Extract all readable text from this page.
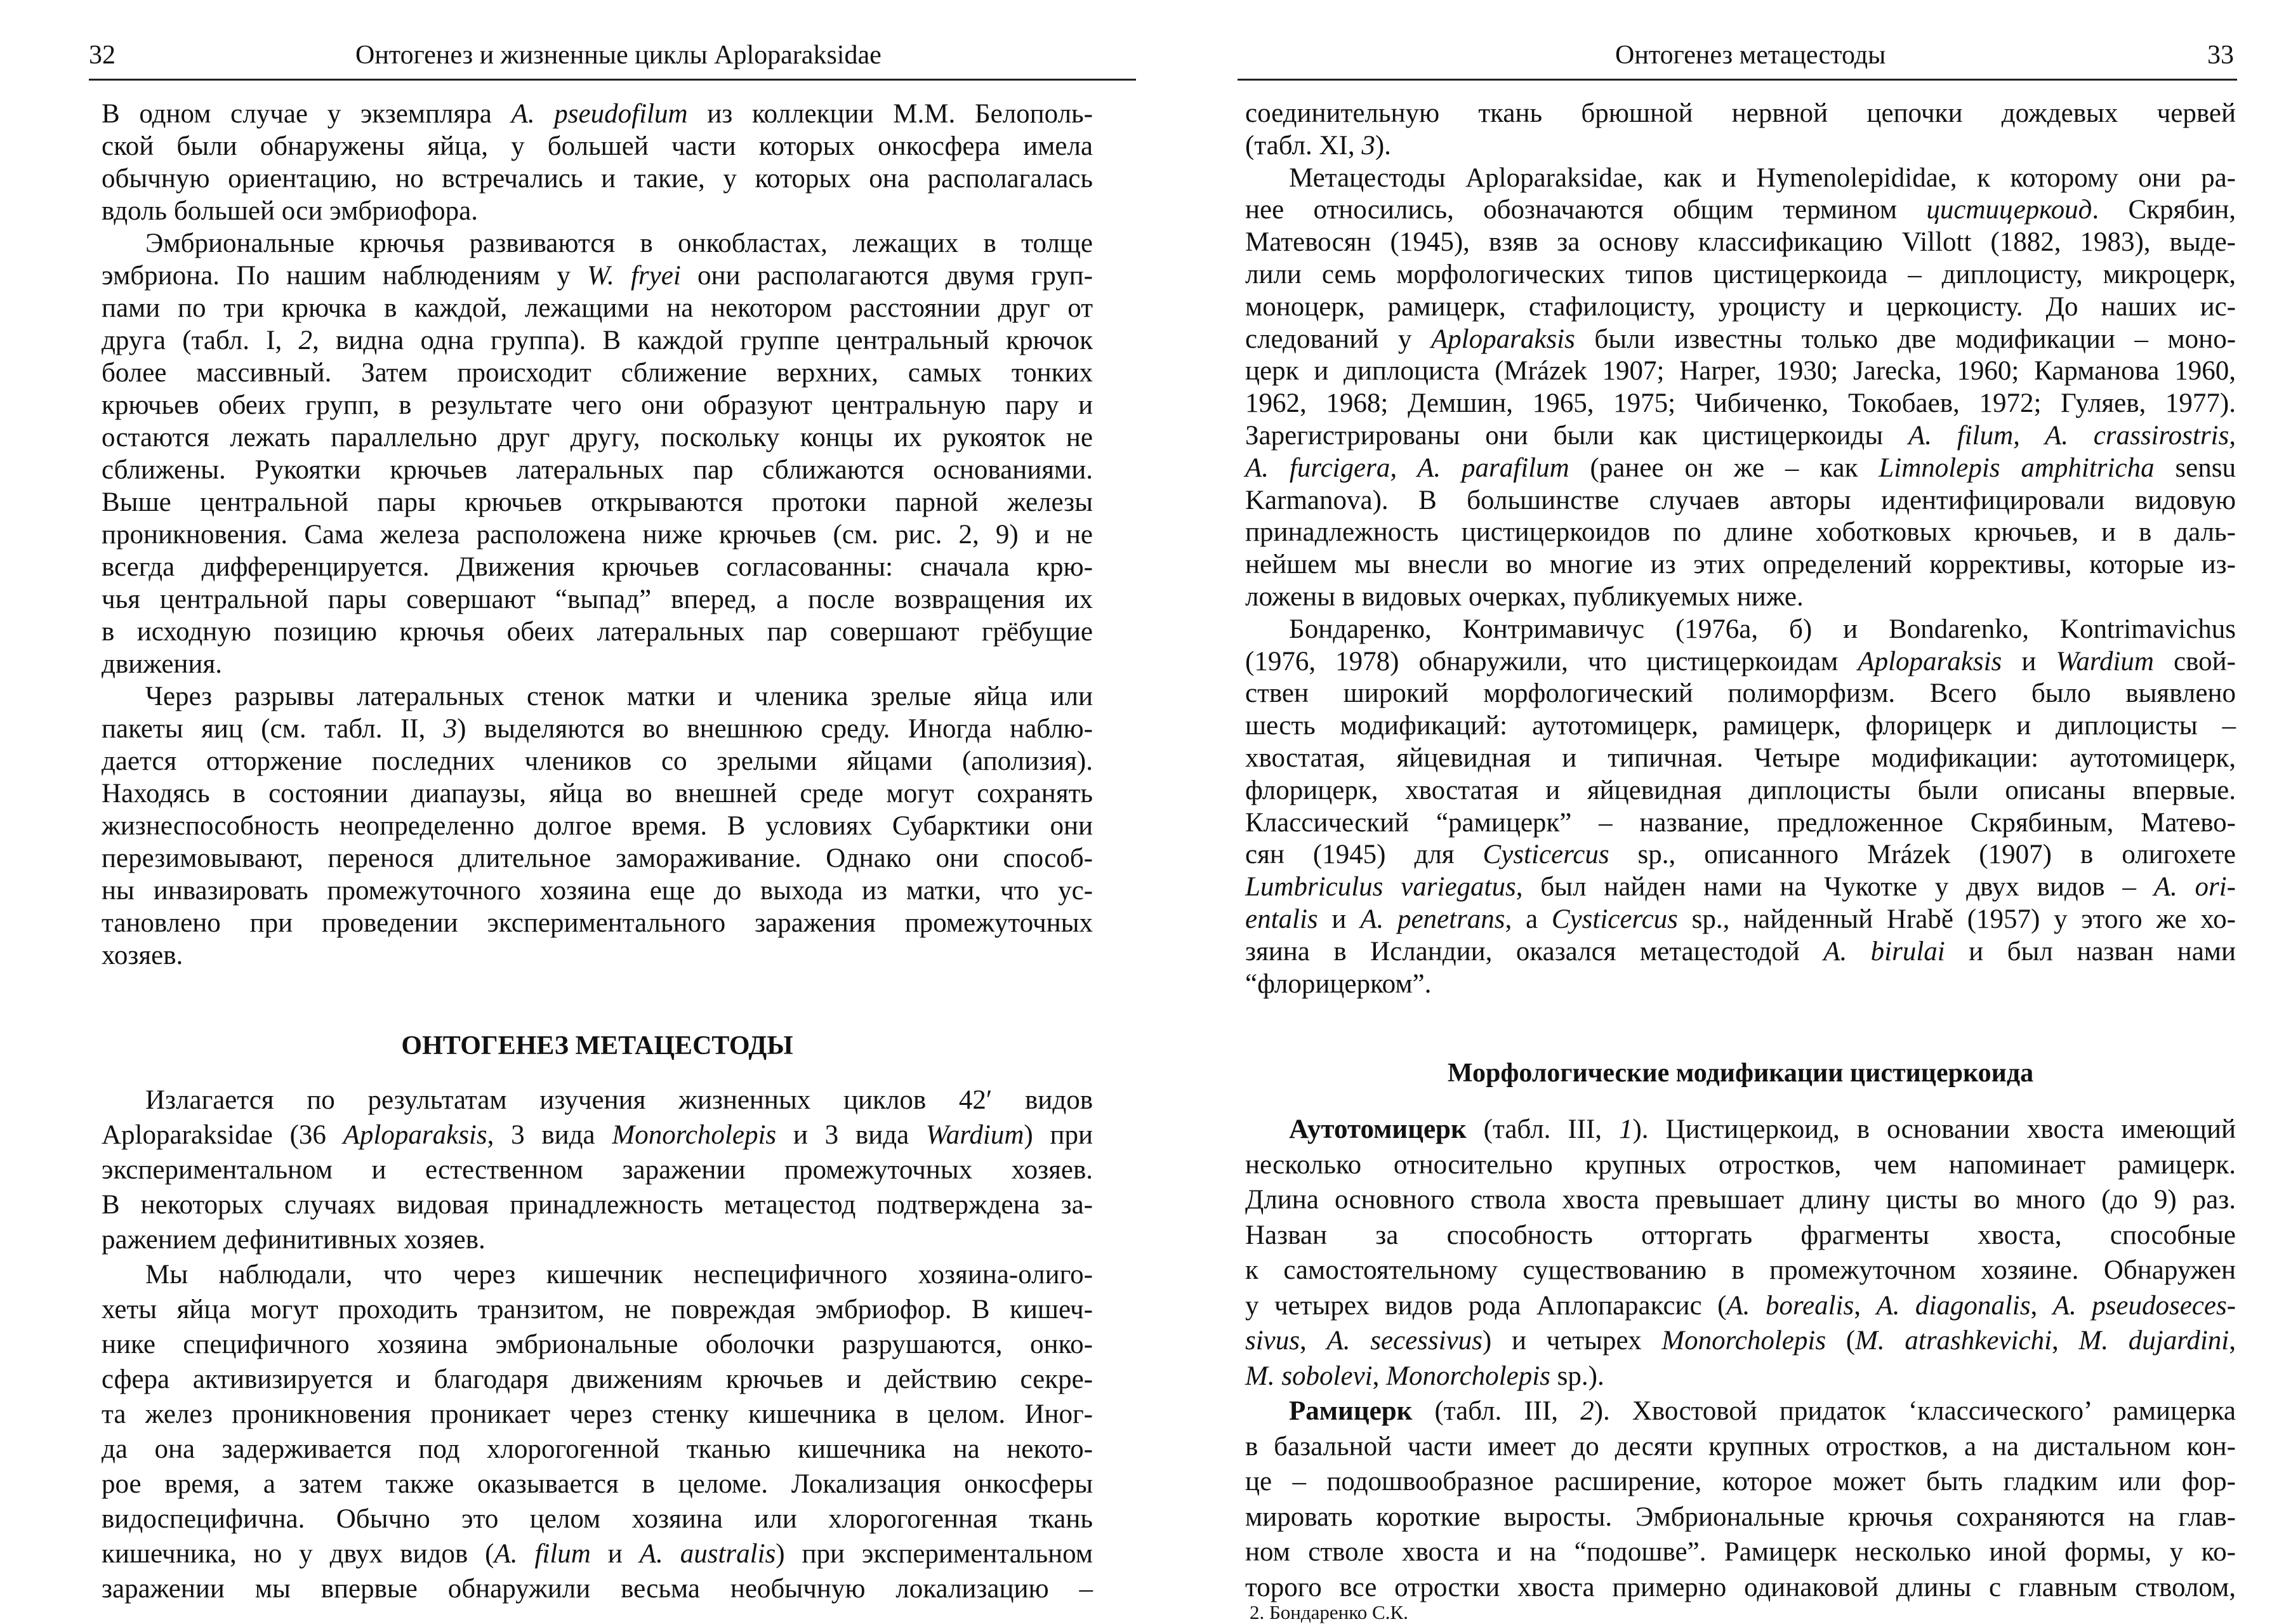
32	Онтогенез и жизненные циклы Aploparaksidae
В одном случае у экземпляра A. pseudofilum из коллекции М.М. Белополь-
ской были обнаружены яйца, у большей части которых онкосфера имела
обычную ориентацию, но встречались и такие, у которых она располагалась
вдоль большей оси эмбриофора.
Эмбриональные крючья развиваются в онкобластах, лежащих в толще
эмбриона. По нашим наблюдениям у W. fryei они располагаются двумя груп-
пами по три крючка в каждой, лежащими на некотором расстоянии друг от
друга (табл. I, 2, видна одна группа). В каждой группе центральный крючок
более массивный. Затем происходит сближение верхних, самых тонких
крючьев обеих групп, в результате чего они образуют центральную пару и
остаются лежать параллельно друг другу, поскольку концы их рукояток не
сближены. Рукоятки крючьев латеральных пар сближаются основаниями.
Выше центральной пары крючьев открываются протоки парной железы
проникновения. Сама железа расположена ниже крючьев (см. рис. 2, 9) и не
всегда дифференцируется. Движения крючьев согласованны: сначала крю-
чья центральной пары совершают “выпад” вперед, а после возвращения их
в исходную позицию крючья обеих латеральных пар совершают грёбущие
движения.
Через разрывы латеральных стенок матки и членика зрелые яйца или
пакеты яиц (см. табл. II, 3) выделяются во внешнюю среду. Иногда наблю-
дается отторжение последних члеников со зрелыми яйцами (аполизия).
Находясь в состоянии диапаузы, яйца во внешней среде могут сохранять
жизнеспособность неопределенно долгое время. В условиях Субарктики они
перезимовывают, перенося длительное замораживание. Однако они способ-
ны инвазировать промежуточного хозяина еще до выхода из матки, что ус-
тановлено при проведении экспериментального заражения промежуточных
хозяев.
ОНТОГЕНЕЗ МЕТАЦЕСТОДЫ
Излагается по результатам изучения жизненных циклов 42′ видов
Aploparaksidae (36 Aploparaksis, 3 вида Monorcholepis и 3 вида Wardium) при
экспериментальном и естественном заражении промежуточных хозяев.
В некоторых случаях видовая принадлежность метацестод подтверждена за-
ражением дефинитивных хозяев.
Мы наблюдали, что через кишечник неспецифичного хозяина-олиго-
хеты яйца могут проходить транзитом, не повреждая эмбриофор. В кишеч-
нике специфичного хозяина эмбриональные оболочки разрушаются, онко-
сфера активизируется и благодаря движениям крючьев и действию секре-
та желез проникновения проникает через стенку кишечника в целом. Иног-
да она задерживается под хлорогогенной тканью кишечника на некото-
рое время, а затем также оказывается в целоме. Локализация онкосферы
видоспецифична. Обычно это целом хозяина или хлорогогенная ткань
кишечника, но у двух видов (A. filum и A. australis) при экспериментальном
заражении мы впервые обнаружили весьма необычную локализацию –
Онтогенез метацестоды	33
соединительную ткань брюшной нервной цепочки дождевых червей
(табл. XI, 3).
Метацестоды Aploparaksidae, как и Hymenolepididae, к которому они ра-
нее относились, обозначаются общим термином цистицеркоид. Скрябин,
Матевосян (1945), взяв за основу классификацию Villott (1882, 1983), выде-
лили семь морфологических типов цистицеркоида – диплоцисту, микроцерк,
моноцерк, рамицерк, стафилоцисту, уроцисту и церкоцисту. До наших ис-
следований у Aploparaksis были известны только две модификации – моно-
церк и диплоциста (Mrázek 1907; Harper, 1930; Jarecka, 1960; Карманова 1960,
1962, 1968; Демшин, 1965, 1975; Чибиченко, Токобаев, 1972; Гуляев, 1977).
Зарегистрированы они были как цистицеркоиды A. filum, A. crassirostris,
A. furcigera, A. parafilum (ранее он же – как Limnolepis amphitricha sensu
Karmanova). В большинстве случаев авторы идентифицировали видовую
принадлежность цистицеркоидов по длине хоботковых крючьев, и в даль-
нейшем мы внесли во многие из этих определений коррективы, которые из-
ложены в видовых очерках, публикуемых ниже.
Бондаренко, Контримавичус (1976а, б) и Bondarenko, Kontrimavichus
(1976, 1978) обнаружили, что цистицеркоидам Aploparaksis и Wardium свой-
ствен широкий морфологический полиморфизм. Всего было выявлено
шесть модификаций: аутотомицерк, рамицерк, флорицерк и диплоцисты –
хвостатая, яйцевидная и типичная. Четыре модификации: аутотомицерк,
флорицерк, хвостатая и яйцевидная диплоцисты были описаны впервые.
Классический “рамицерк” – название, предложенное Скрябиным, Матево-
сян (1945) для Cysticercus sp., описанного Mrázek (1907) в олигохете
Lumbriculus variegatus, был найден нами на Чукотке у двух видов – A. ori-
entalis и A. penetrans, а Cysticercus sp., найденный Hrabě (1957) у этого же хо-
зяина в Исландии, оказался метацестодой A. birulai и был назван нами
“флорицерком”.
Морфологические модификации цистицеркоида
Аутотомицерк (табл. III, 1). Цистицеркоид, в основании хвоста имеющий
несколько относительно крупных отростков, чем напоминает рамицерк.
Длина основного ствола хвоста превышает длину цисты во много (до 9) раз.
Назван за способность отторгать фрагменты хвоста, способные
к самостоятельному существованию в промежуточном хозяине. Обнаружен
у четырех видов рода Аплопараксис (A. borealis, A. diagonalis, A. pseudoseces-
sivus, A. secessivus) и четырех Monorcholepis (M. atrashkevichi, M. dujardini,
M. sobolevi, Monorcholepis sp.).
Рамицерк (табл. III, 2). Хвостовой придаток ‘классического’ рамицерка
в базальной части имеет до десяти крупных отростков, а на дистальном кон-
це – подошвообразное расширение, которое может быть гладким или фор-
мировать короткие выросты. Эмбриональные крючья сохраняются на глав-
ном стволе хвоста и на “подошве”. Рамицерк несколько иной формы, у ко-
торого все отростки хвоста примерно одинаковой длины с главным стволом,
2. Бондаренко С.К.
